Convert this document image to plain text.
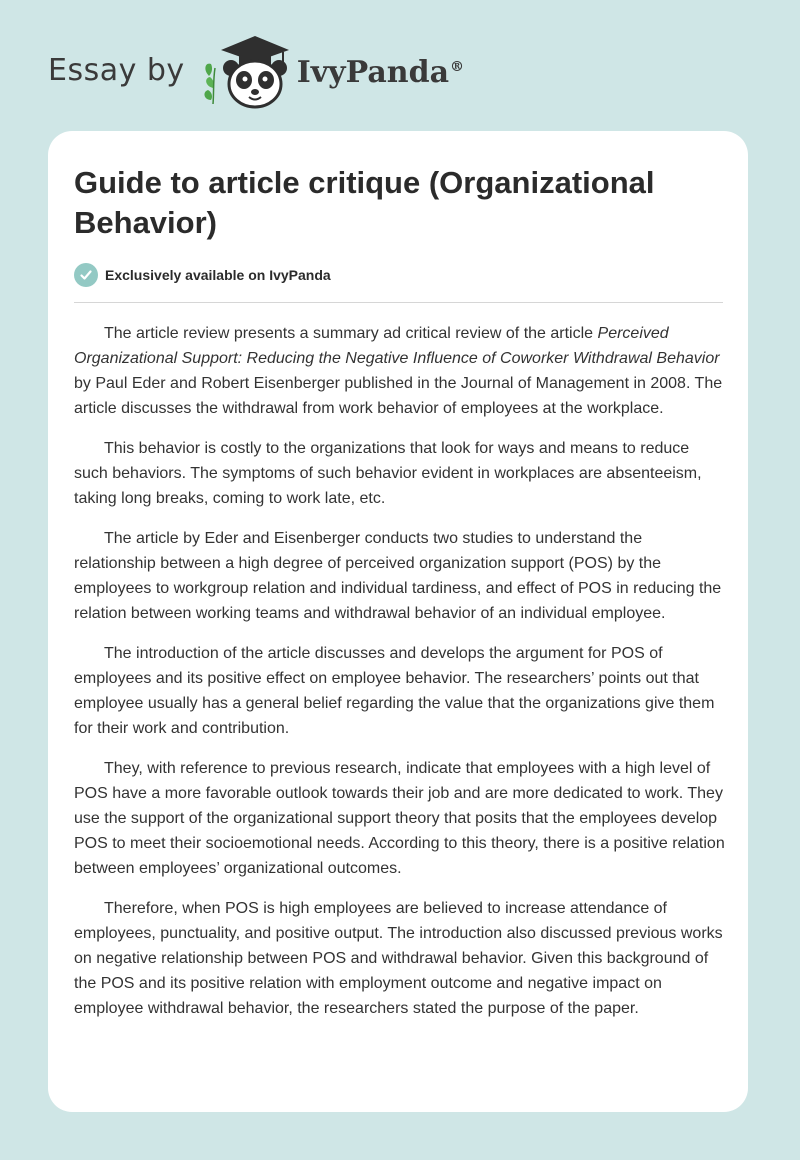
Essay by	IvyPanda®
Guide to article critique (Organizational Behavior)
Exclusively available on IvyPanda

The article review presents a summary ad critical review of the article Perceived Organizational Support: Reducing the Negative Influence of Coworker Withdrawal Behavior by Paul Eder and Robert Eisenberger published in the Journal of Management in 2008. The article discusses the withdrawal from work behavior of employees at the workplace.

This behavior is costly to the organizations that look for ways and means to reduce such behaviors. The symptoms of such behavior evident in workplaces are absenteeism, taking long breaks, coming to work late, etc.

The article by Eder and Eisenberger conducts two studies to understand the relationship between a high degree of perceived organization support (POS) by the employees to workgroup relation and individual tardiness, and effect of POS in reducing the relation between working teams and withdrawal behavior of an individual employee.

The introduction of the article discusses and develops the argument for POS of employees and its positive effect on employee behavior. The researchers’ points out that employee usually has a general belief regarding the value that the organizations give them for their work and contribution.

They, with reference to previous research, indicate that employees with a high level of POS have a more favorable outlook towards their job and are more dedicated to work. They use the support of the organizational support theory that posits that the employees develop POS to meet their socioemotional needs. According to this theory, there is a positive relation between employees’ organizational outcomes.

Therefore, when POS is high employees are believed to increase attendance of employees, punctuality, and positive output. The introduction also discussed previous works on negative relationship between POS and withdrawal behavior. Given this background of the POS and its positive relation with employment outcome and negative impact on employee withdrawal behavior, the researchers stated the purpose of the paper.
